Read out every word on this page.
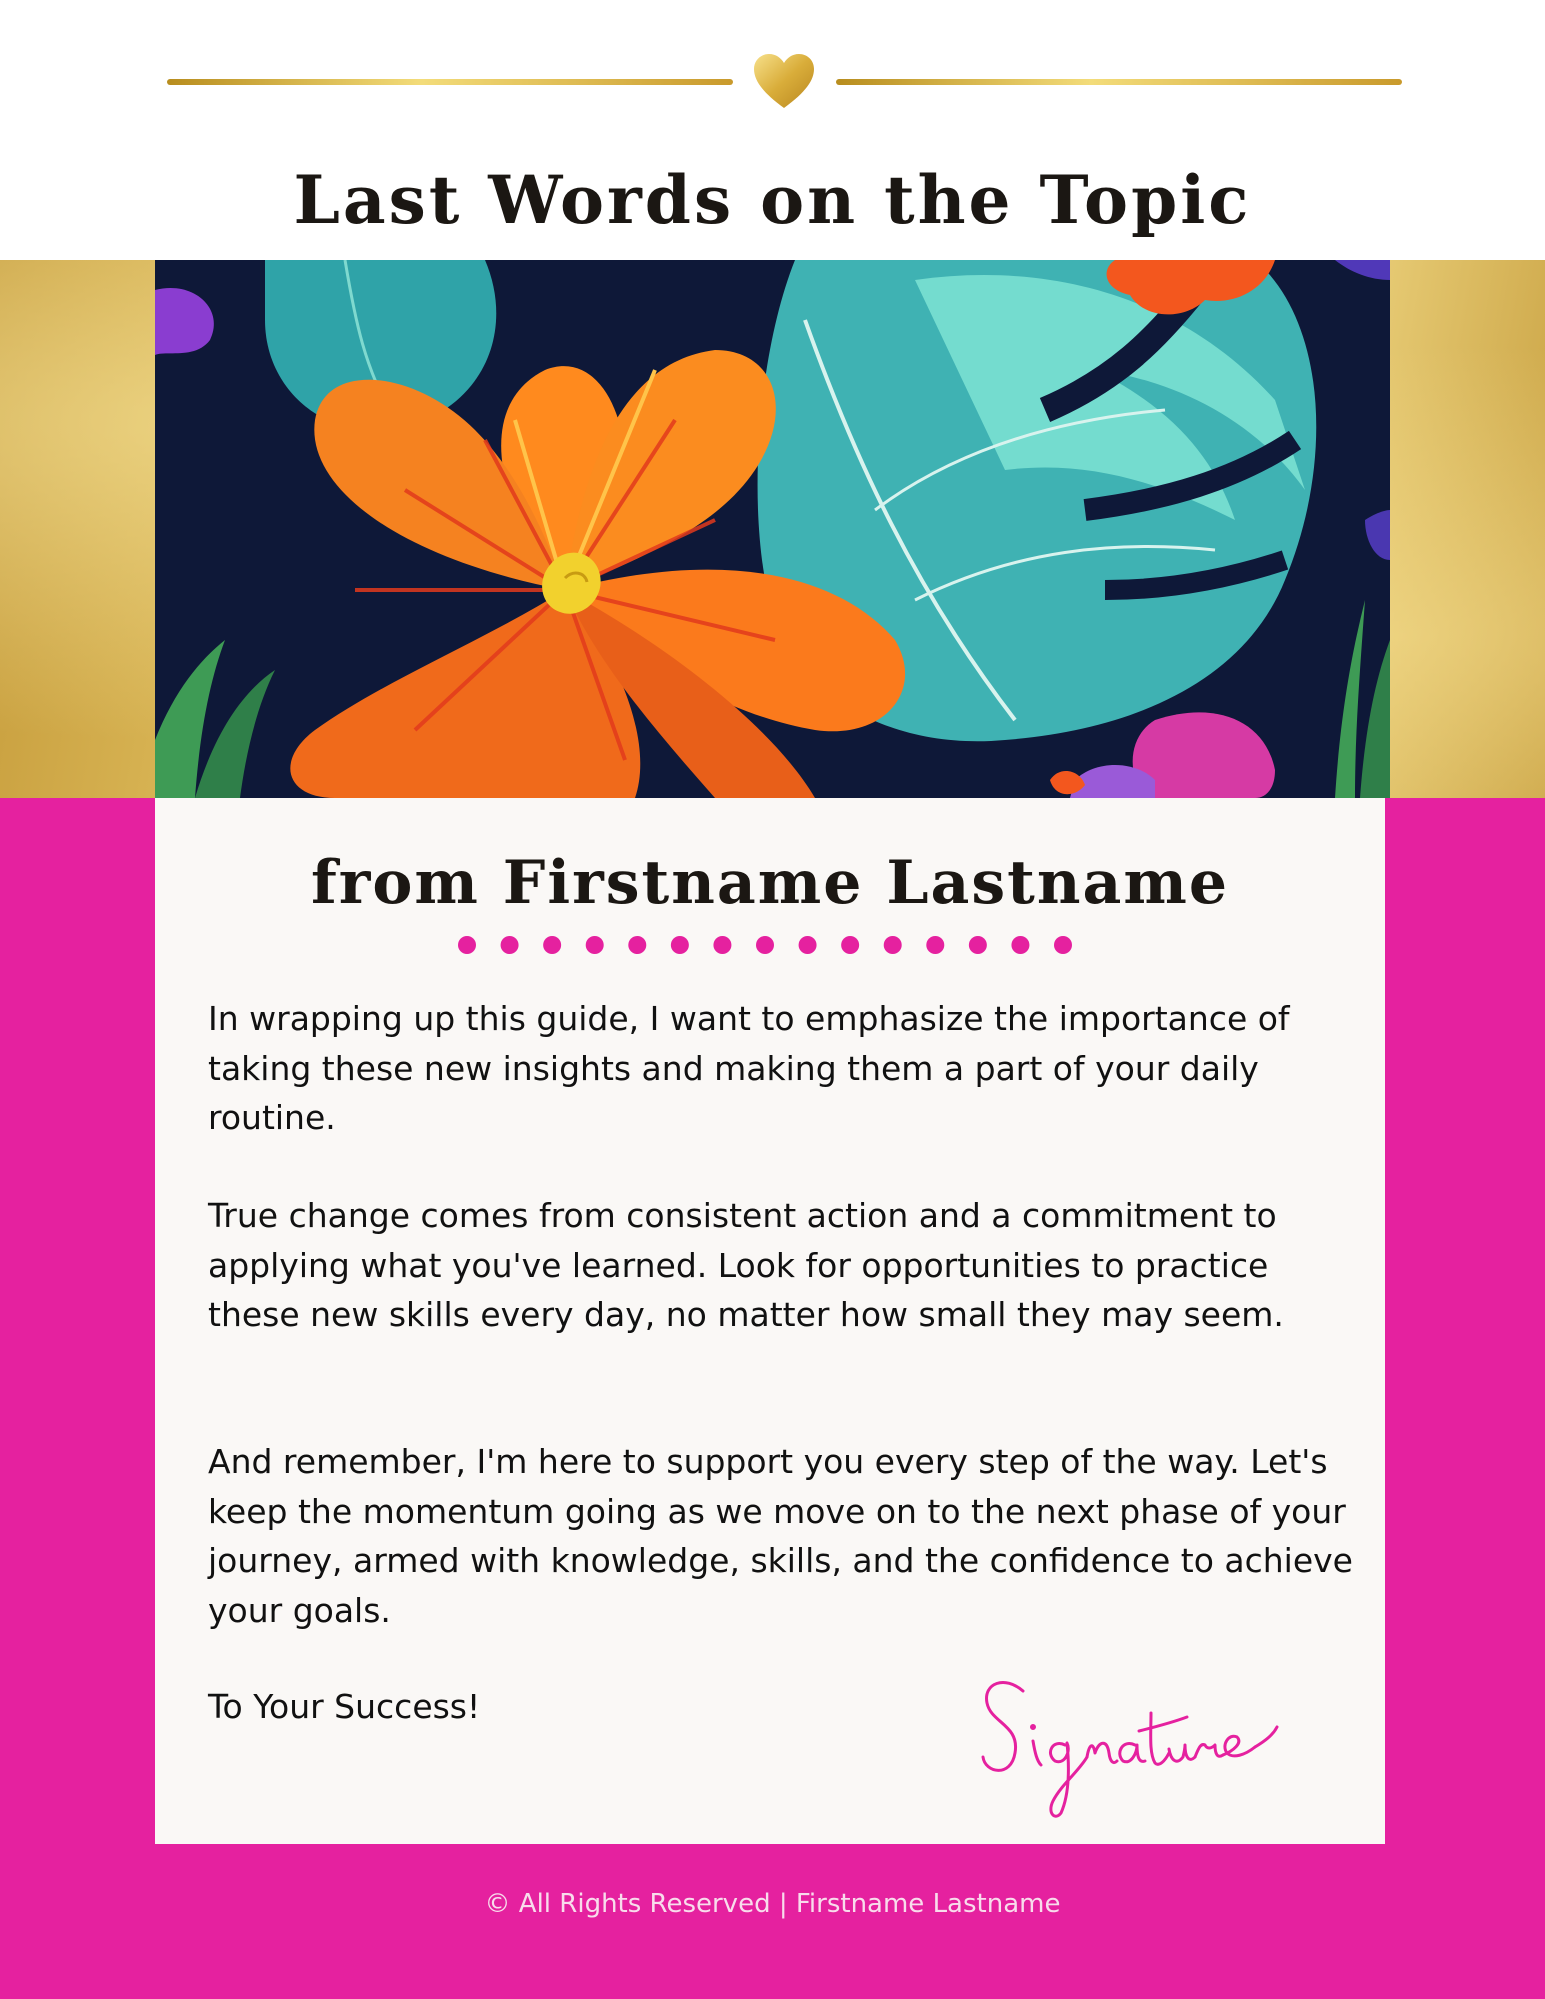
Last Words on the Topic
from Firstname Lastname

In wrapping up this guide, I want to emphasize the importance of taking these new insights and making them a part of your daily routine.

True change comes from consistent action and a commitment to applying what you've learned. Look for opportunities to practice these new skills every day, no matter how small they may seem.

And remember, I'm here to support you every step of the way. Let's keep the momentum going as we move on to the next phase of your journey, armed with knowledge, skills, and the confidence to achieve your goals.

To Your Success!

© All Rights Reserved | Firstname Lastname
